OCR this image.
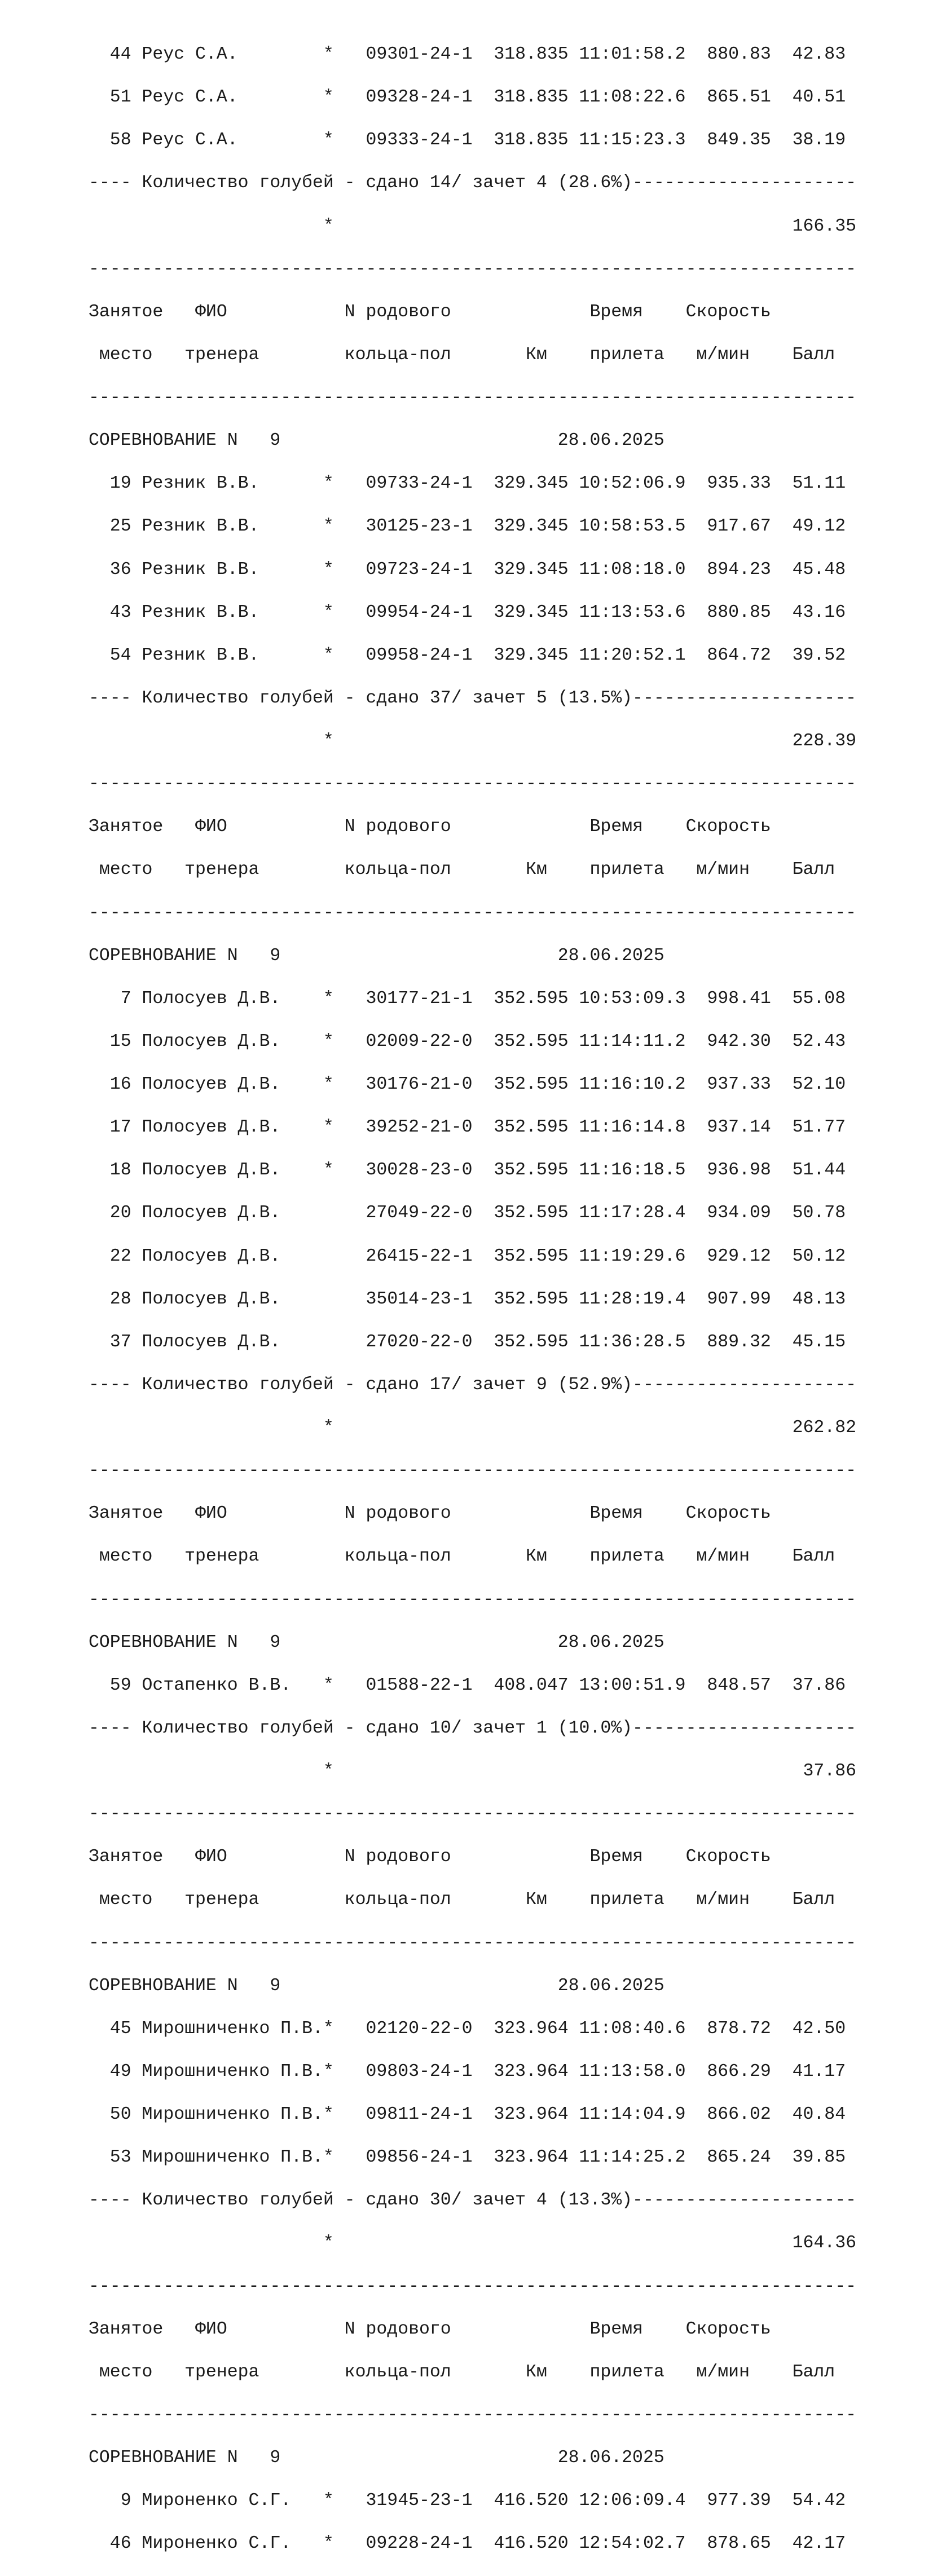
44 Реус С.А.        *   09301-24-1  318.835 11:01:58.2  880.83  42.83

51 Реус С.А.        *   09328-24-1  318.835 11:08:22.6  865.51  40.51

58 Реус С.А.        *   09333-24-1  318.835 11:15:23.3  849.35  38.19

---- Количество голубей - сдано 14/ зачет 4 (28.6%)---------------------

*                                           166.35

------------------------------------------------------------------------

Занятое   ФИО           N родового             Время    Скорость

место   тренера        кольца-пол       Км    прилета   м/мин    Балл

------------------------------------------------------------------------

СОРЕВНОВАНИЕ N   9                          28.06.2025

19 Резник В.В.      *   09733-24-1  329.345 10:52:06.9  935.33  51.11

25 Резник В.В.      *   30125-23-1  329.345 10:58:53.5  917.67  49.12

36 Резник В.В.      *   09723-24-1  329.345 11:08:18.0  894.23  45.48

43 Резник В.В.      *   09954-24-1  329.345 11:13:53.6  880.85  43.16

54 Резник В.В.      *   09958-24-1  329.345 11:20:52.1  864.72  39.52

---- Количество голубей - сдано 37/ зачет 5 (13.5%)---------------------

*                                           228.39

------------------------------------------------------------------------

Занятое   ФИО           N родового             Время    Скорость

место   тренера        кольца-пол       Км    прилета   м/мин    Балл

------------------------------------------------------------------------

СОРЕВНОВАНИЕ N   9                          28.06.2025

7 Полосуев Д.В.    *   30177-21-1  352.595 10:53:09.3  998.41  55.08

15 Полосуев Д.В.    *   02009-22-0  352.595 11:14:11.2  942.30  52.43

16 Полосуев Д.В.    *   30176-21-0  352.595 11:16:10.2  937.33  52.10

17 Полосуев Д.В.    *   39252-21-0  352.595 11:16:14.8  937.14  51.77

18 Полосуев Д.В.    *   30028-23-0  352.595 11:16:18.5  936.98  51.44

20 Полосуев Д.В.        27049-22-0  352.595 11:17:28.4  934.09  50.78

22 Полосуев Д.В.        26415-22-1  352.595 11:19:29.6  929.12  50.12

28 Полосуев Д.В.        35014-23-1  352.595 11:28:19.4  907.99  48.13

37 Полосуев Д.В.        27020-22-0  352.595 11:36:28.5  889.32  45.15

---- Количество голубей - сдано 17/ зачет 9 (52.9%)---------------------

*                                           262.82

------------------------------------------------------------------------

Занятое   ФИО           N родового             Время    Скорость

место   тренера        кольца-пол       Км    прилета   м/мин    Балл

------------------------------------------------------------------------

СОРЕВНОВАНИЕ N   9                          28.06.2025

59 Остапенко В.В.   *   01588-22-1  408.047 13:00:51.9  848.57  37.86

---- Количество голубей - сдано 10/ зачет 1 (10.0%)---------------------

*                                            37.86

------------------------------------------------------------------------

Занятое   ФИО           N родового             Время    Скорость

место   тренера        кольца-пол       Км    прилета   м/мин    Балл

------------------------------------------------------------------------

СОРЕВНОВАНИЕ N   9                          28.06.2025

45 Мирошниченко П.В.*   02120-22-0  323.964 11:08:40.6  878.72  42.50

49 Мирошниченко П.В.*   09803-24-1  323.964 11:13:58.0  866.29  41.17

50 Мирошниченко П.В.*   09811-24-1  323.964 11:14:04.9  866.02  40.84

53 Мирошниченко П.В.*   09856-24-1  323.964 11:14:25.2  865.24  39.85

---- Количество голубей - сдано 30/ зачет 4 (13.3%)---------------------

*                                           164.36

------------------------------------------------------------------------

Занятое   ФИО           N родового             Время    Скорость

место   тренера        кольца-пол       Км    прилета   м/мин    Балл

------------------------------------------------------------------------

СОРЕВНОВАНИЕ N   9                          28.06.2025

9 Мироненко С.Г.   *   31945-23-1  416.520 12:06:09.4  977.39  54.42

46 Мироненко С.Г.   *   09228-24-1  416.520 12:54:02.7  878.65  42.17
